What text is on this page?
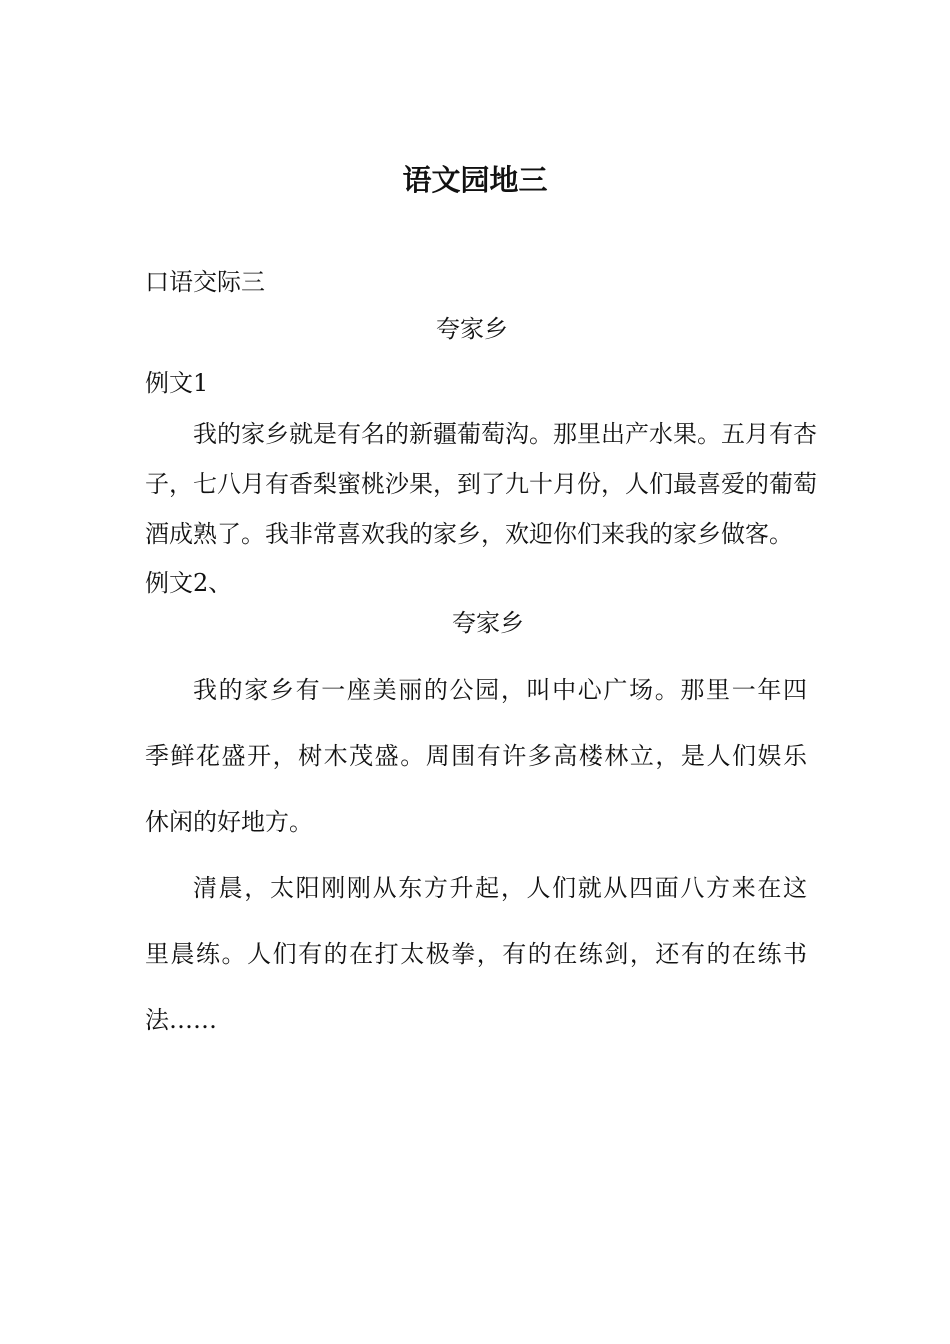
语文园地三

口语交际三

夸家乡

例文1

我的家乡就是有名的新疆葡萄沟。那里出产水果。五月有杏

子，七八月有香梨蜜桃沙果，到了九十月份，人们最喜爱的葡萄

酒成熟了。我非常喜欢我的家乡，欢迎你们来我的家乡做客。

例文2、

夸家乡

我的家乡有一座美丽的公园，叫中心广场。那里一年四

季鲜花盛开，树木茂盛。周围有许多高楼林立，是人们娱乐

休闲的好地方。

清晨，太阳刚刚从东方升起，人们就从四面八方来在这

里晨练。人们有的在打太极拳，有的在练剑，还有的在练书

法……
